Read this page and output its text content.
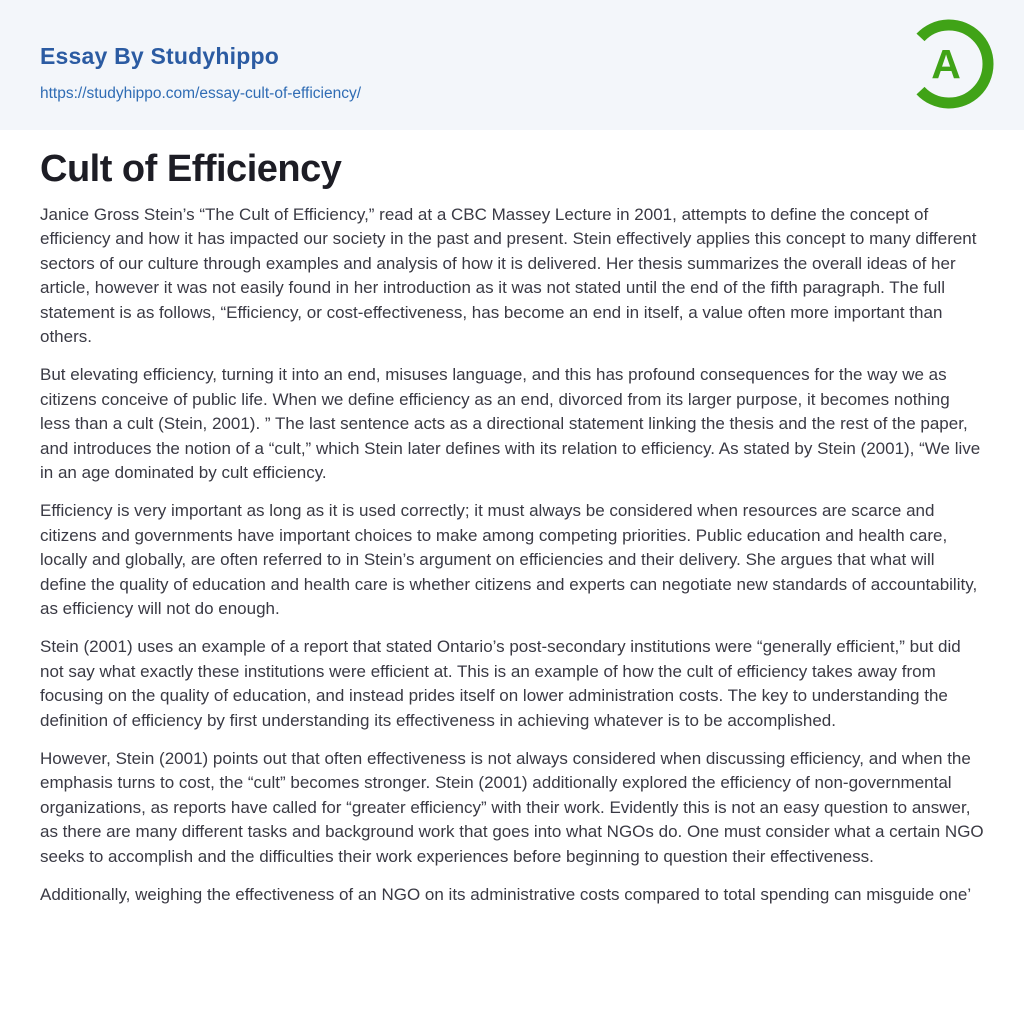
Essay By Studyhippo
https://studyhippo.com/essay-cult-of-efficiency/
A
Cult of Efficiency

Janice Gross Stein’s “The Cult of Efficiency,” read at a CBC Massey Lecture in 2001, attempts to define the concept of efficiency and how it has impacted our society in the past and present. Stein effectively applies this concept to many different sectors of our culture through examples and analysis of how it is delivered. Her thesis summarizes the overall ideas of her article, however it was not easily found in her introduction as it was not stated until the end of the fifth paragraph. The full statement is as follows, “Efficiency, or cost-effectiveness, has become an end in itself, a value often more important than others.

But elevating efficiency, turning it into an end, misuses language, and this has profound consequences for the way we as citizens conceive of public life. When we define efficiency as an end, divorced from its larger purpose, it becomes nothing less than a cult (Stein, 2001). ” The last sentence acts as a directional statement linking the thesis and the rest of the paper, and introduces the notion of a “cult,” which Stein later defines with its relation to efficiency. As stated by Stein (2001), “We live in an age dominated by cult efficiency.

Efficiency is very important as long as it is used correctly; it must always be considered when resources are scarce and citizens and governments have important choices to make among competing priorities. Public education and health care, locally and globally, are often referred to in Stein’s argument on efficiencies and their delivery. She argues that what will define the quality of education and health care is whether citizens and experts can negotiate new standards of accountability, as efficiency will not do enough.

Stein (2001) uses an example of a report that stated Ontario’s post-secondary institutions were “generally efficient,” but did not say what exactly these institutions were efficient at. This is an example of how the cult of efficiency takes away from focusing on the quality of education, and instead prides itself on lower administration costs. The key to understanding the definition of efficiency by first understanding its effectiveness in achieving whatever is to be accomplished.

However, Stein (2001) points out that often effectiveness is not always considered when discussing efficiency, and when the emphasis turns to cost, the “cult” becomes stronger. Stein (2001) additionally explored the efficiency of non-governmental organizations, as reports have called for “greater efficiency” with their work. Evidently this is not an easy question to answer, as there are many different tasks and background work that goes into what NGOs do. One must consider what a certain NGO seeks to accomplish and the difficulties their work experiences before beginning to question their effectiveness.

Additionally, weighing the effectiveness of an NGO on its administrative costs compared to total spending can misguide one’
